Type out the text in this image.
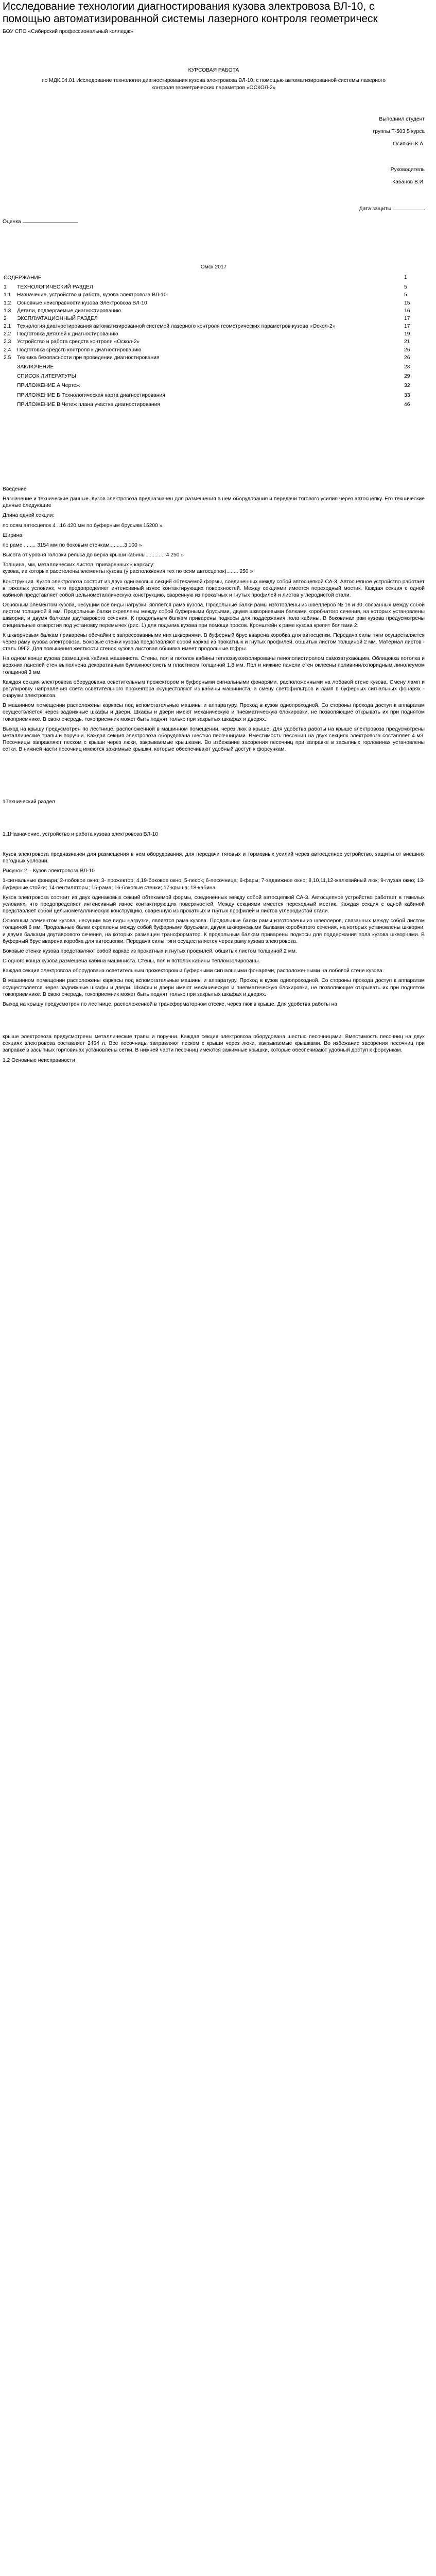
Исследование технологии диагностирования кузова электровоза ВЛ-10, с помощью автоматизированной системы лазерного контроля геометрическ

БОУ СПО «Сибирский профессиональный колледж»

КУРСОВАЯ РАБОТА

по МДК.04.01 Исследование технологии диагностирования кузова электровоза ВЛ-10, с помощью автоматизированной системы лазерного контроля геометрических параметров «ОСКОЛ-2»

Выполнил студент

группы Т-503 5 курса

Осипкин К.А.

Руководитель

Кабанов В.И.

Дата защиты

Оценка

Омск 2017

СОДЕРЖАНИЕ		1
1	ТЕХНОЛОГИЧЕСКИЙ РАЗДЕЛ	5
1.1	Назначение, устройство и работа, кузова электровоза ВЛ-10	5
1.2	Основные неисправности кузова Электровоза ВЛ-10	15
1.3	Детали, подвергаемые диагностированию	16
2	ЭКСПЛУАТАЦИОННЫЙ РАЗДЕЛ	17
2.1	Технология диагностирования автоматизированной системой лазерного контроля геометрических параметров кузова «Оскол-2»	17
2.2	Подготовка деталей к диагностированию	19
2.3	Устройство и работа средств контроля «Оскол-2»	21
2.4	Подготовка средств контроля к диагностированию	26
2.5	Техника безопасности при проведении диагностирования	26
	ЗАКЛЮЧЕНИЕ	28
	СПИСОК ЛИТЕРАТУРЫ	29
	ПРИЛОЖЕНИЕ А Чертеж	32
	ПРИЛОЖЕНИЕ Б Технологическая карта диагностирования	33
	ПРИЛОЖЕНИЕ В Четеж плана участка диагностирования	46

Введение

Назначение и технические данные. Кузов электровоза предназначен для размещения в нем оборудования и передачи тягового усилия через автосцепку. Его технические данные следующие

Длина одной секции:

по осям автосцепок 4 ..16 420 мм по буферным брусьям 15200 »

Ширина:

по раме ........ 3154 мм по боковым стенкам..........3 100 »

Высота от уровня головки рельса до верха крыши кабины............. 4 250 »

Толщина, мм, металлических листов, приваренных к каркасу:

кузова, из которых расстелены элементы кузова (у расположения тех по осям автосцепок)........ 250 »

Конструкция. Кузов электровоза состоит из двух одинаковых секций обтекаемой формы, соединенных между собой автосцепкой СА-3. Автосцепное устройство работает в тяжелых условиях, что предопределяет интенсивный износ контактирующих поверхностей. Между секциями имеется переходный мостик. Каждая секция с одной кабиной представляет собой цельнометаллическую конструкцию, сваренную из прокатных и гнутых профилей и листов углеродистой стали.

Основным элементом кузова, несущим все виды нагрузки, является рама кузова. Продольные балки рамы изготовлены из швеллеров № 16 и 30, связанных между собой листом толщиной 8 мм. Продольные балки скреплены между собой буферными брусьями, двумя шкворневыми балками коробчатого сечения, на которых установлены шкворни, и двумя балками двутаврового сечения. К продольным балкам приварены подкосы для поддержания пола кабины. В боковинах рам кузова предусмотрены специальные отверстия под установку перемычек (рис. 1) для подъема кузова при помощи тросов. Кронштейн к раме кузова крепят болтами 2.

К шкворневым балкам приварены обечайки с запрессованными них шкворнями. В буферный брус вварена коробка для автосцепки. Передача силы тяги осуществляется через раму кузова электровоза. Боковые стенки кузова представляют собой каркас из прокатных и гнутых профилей, обшитых листом толщиной 2 мм. Материал листов - сталь 09Г2. Для повышения жесткости стенок кузова листовая обшивка имеет продольные гофры.

На одном конце кузова размещена кабина машиниста. Стены, пол и потолок кабины теплозвукоизолированы пенополистиролом самозатухающим. Облицовка потолка и верхних панелей стен выполнена декоративным бумажнослоистым пластиком толщиной 1,8 мм. Пол и нижние панели стен оклеены поливинилхлоридным линолеумом толщиной 3 мм.

Каждая секция электровоза оборудована осветительным прожектором и буферными сигнальными фонарями, расположенными на лобовой стене кузова. Смену ламп и регулировку направления света осветительного прожектора осуществляют из кабины машиниста, а смену светофильтров и ламп в буферных сигнальных фонарях - снаружи электровоза.

В машинном помещении расположены каркасы под вспомогательные машины и аппаратуру. Проход в кузов однопроходной. Со стороны прохода доступ к аппаратам осуществляется через задвижные шкафы и двери. Шкафы и двери имеют механическую и пневматическую блокировки, не позволяющие открывать их при поднятом токоприемнике. В свою очередь, токоприемник может быть поднят только при закрытых шкафах и дверях.

Выход на крышу предусмотрен по лестнице, расположенной в машинном помещении, через люк в крыше. Для удобства работы на крыше электровоза предусмотрены металлические трапы и поручни. Каждая секция электровоза оборудована шестью песочницами. Вместимость песочниц на двух секциях электровоза составляет 4 м3. Песочницы заправляют песком с крыши через люки, закрываемые крышками. Во избежание засорения песочниц при заправке в засыпных горловинах установлены сетки. В нижней части песочниц имеются зажимные крышки, которые обеспечивают удобный доступ к форсункам.

1Технический раздел

1.1Назначение, устройство и работа кузова электровоза ВЛ-10

Кузов электровоза предназначен для размещения в нем оборудования, для передачи тяговых и тормозных усилий через автосцепное устройство, защиты от внешних погодных условий.

Рисунок 2 – Кузов электровоза ВЛ-10

1-сигнальные фонари; 2-лобовое окно; 3- прожектор; 4,19-боковое окно; 5-песок; 6-песочница; 6-фары; 7-задвижное окно; 8,10,11,12-жалюзийный люк; 9-глухая окно; 13-буферные стойки; 14-вентиляторы; 15-рама; 16-боковые стенки; 17-крыша; 18-кабина

Кузов электровоза состоит из двух одинаковых секций обтекаемой формы, соединенных между собой автосцепкой СА-3. Автосцепное устройство работает в тяжелых условиях, что предопределяет интенсивный износ контактирующих поверхностей. Между секциями имеется переходный мостик. Каждая секция с одной кабиной представляет собой цельнометаллическую конструкцию, сваренную из прокатных и гнутых профилей и листов углеродистой стали.

Основным элементом кузова, несущим все виды нагрузки, является рама кузова. Продольные балки рамы изготовлены из швеллеров, связанных между собой листом толщиной 6 мм. Продольные балки скреплены между собой буферными брусьями, двумя шкворневыми балками коробчатого сечения, на которых установлены шкворни, и двумя балками двутаврового сечения, на которых размещен трансформатор. К продольным балкам приварены подкосы для поддержания пола кузова шкворнями. В буферный брус вварена коробка для автосцепки. Передача силы тяги осуществляется через раму кузова электровоза.

Боковые стенки кузова представляют собой каркас из прокатных и гнутых профилей, обшитых листом толщиной 2 мм.

С одного конца кузова размещена кабина машиниста. Стены, пол и потолок кабины теплоизолированы.

Каждая секция электровоза оборудована осветительным прожектором и буферными сигнальными фонарями, расположенными на лобовой стене кузова.

В машинном помещении расположены каркасы под вспомогательные машины и аппаратуру. Проход в кузов однопроходной. Со стороны прохода доступ к аппаратам осуществляется через задвижные шкафы и двери. Шкафы и двери имеют механическую и пневматическую блокировки, не позволяющие открывать их при поднятом токоприемнике. В свою очередь, токоприемник может быть поднят только при закрытых шкафах и дверях.

Выход на крышу предусмотрен по лестнице, расположенной в трансформаторном отсеке, через люк в крыше. Для удобства работы на

крыше электровоза предусмотрены металлические трапы и поручни. Каждая секция электровоза оборудована шестью песочницами. Вместимость песочниц на двух секциях электровоза составляет 2464 л. Все песочницы заправляют песком с крыши через люки, закрываемые крышками. Во избежание засорения песочниц при заправке в засыпных горловинах установлены сетки. В нижней части песочниц имеются зажимные крышки, которые обеспечивают удобный доступ к форсункам.

1.2 Основные неисправности
